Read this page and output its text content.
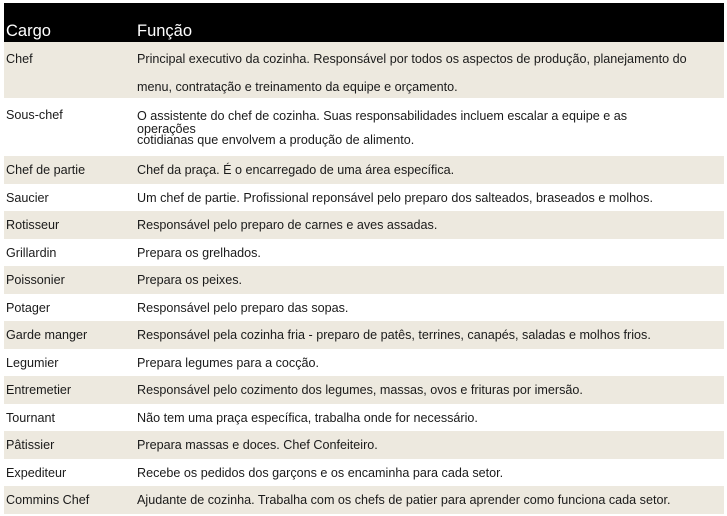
Cargo	Função
Chef	Principal executivo da cozinha. Responsável por todos os aspectos de produção, planejamento do menu, contratação e treinamento da equipe e orçamento.
Sous-chef	O assistente do chef de cozinha. Suas responsabilidades incluem escalar a equipe e as
operações
cotidianas que envolvem a produção de alimento.
Chef de partie	Chef da praça. É o encarregado de uma área específica.
Saucier	Um chef de partie. Profissional reponsável pelo preparo dos salteados, braseados e molhos.
Rotisseur	Responsável pelo preparo de carnes e aves assadas.
Grillardin	Prepara os grelhados.
Poissonier	Prepara os peixes.
Potager	Responsável pelo preparo das sopas.
Garde manger	Responsável pela cozinha fria - preparo de patês, terrines, canapés, saladas e molhos frios.
Legumier	Prepara legumes para a cocção.
Entremetier	Responsável pelo cozimento dos legumes, massas, ovos e frituras por imersão.
Tournant	Não tem uma praça específica, trabalha onde for necessário.
Pâtissier	Prepara massas e doces. Chef Confeiteiro.
Expediteur	Recebe os pedidos dos garçons e os encaminha para cada setor.
Commins Chef	Ajudante de cozinha. Trabalha com os chefs de patier para aprender como funciona cada setor.
